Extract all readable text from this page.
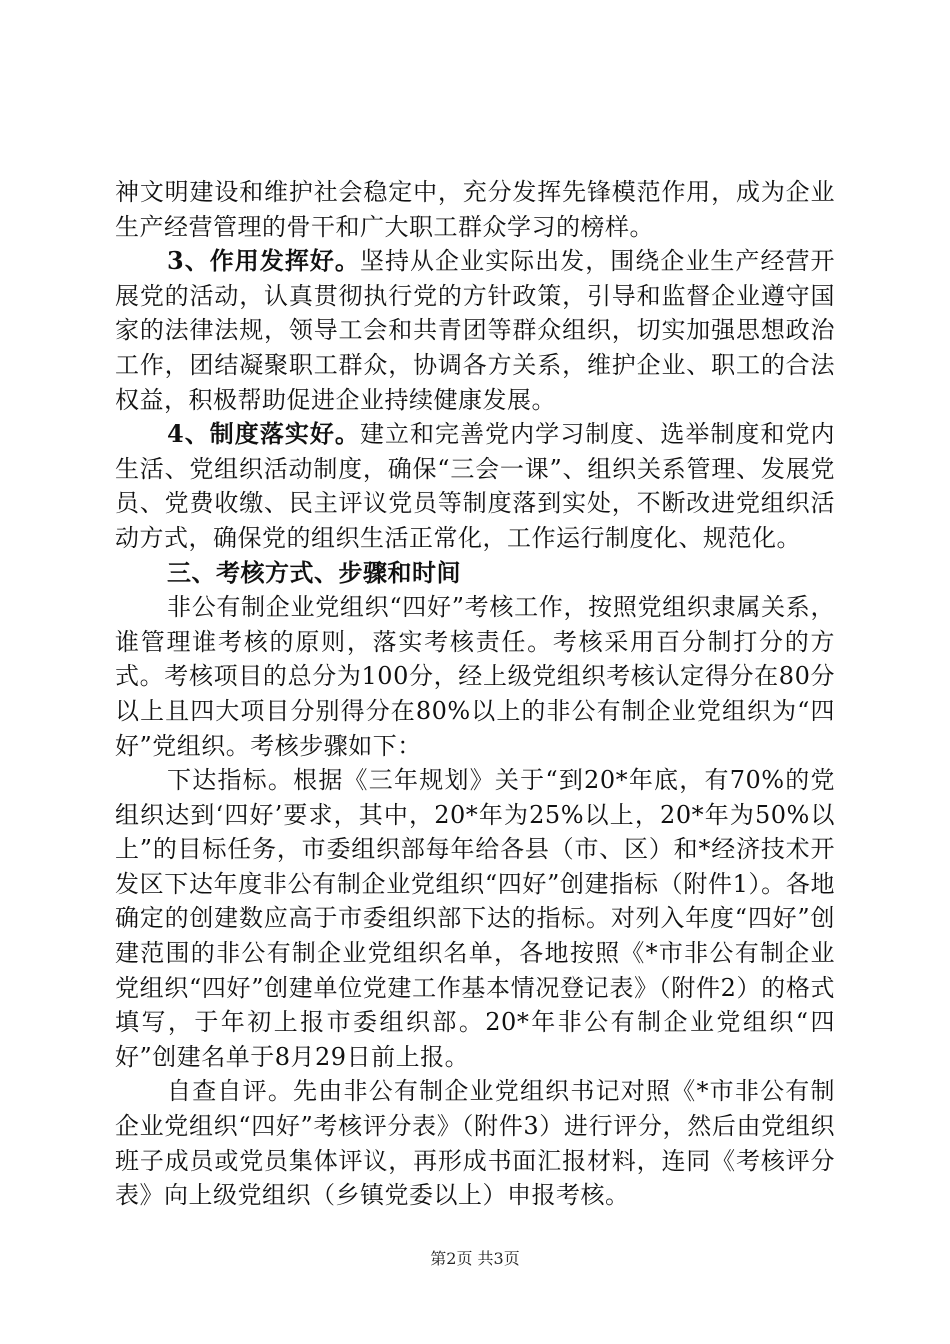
神文明建设和维护社会稳定中，充分发挥先锋模范作用，成为企业生产经营管理的骨干和广大职工群众学习的榜样。

3、作用发挥好。坚持从企业实际出发，围绕企业生产经营开展党的活动，认真贯彻执行党的方针政策，引导和监督企业遵守国家的法律法规，领导工会和共青团等群众组织，切实加强思想政治工作，团结凝聚职工群众，协调各方关系，维护企业、职工的合法权益，积极帮助促进企业持续健康发展。

4、制度落实好。建立和完善党内学习制度、选举制度和党内生活、党组织活动制度，确保“三会一课”、组织关系管理、发展党员、党费收缴、民主评议党员等制度落到实处，不断改进党组织活动方式，确保党的组织生活正常化，工作运行制度化、规范化。

三、考核方式、步骤和时间

非公有制企业党组织“四好”考核工作，按照党组织隶属关系，谁管理谁考核的原则，落实考核责任。考核采用百分制打分的方式。考核项目的总分为100分，经上级党组织考核认定得分在80分以上且四大项目分别得分在80%以上的非公有制企业党组织为“四好”党组织。考核步骤如下：

下达指标。根据《三年规划》关于“到20*年底，有70%的党组织达到‘四好’要求，其中，20*年为25%以上，20*年为50%以上”的目标任务，市委组织部每年给各县（市、区）和*经济技术开发区下达年度非公有制企业党组织“四好”创建指标（附件1）。各地确定的创建数应高于市委组织部下达的指标。对列入年度“四好”创建范围的非公有制企业党组织名单，各地按照《*市非公有制企业党组织“四好”创建单位党建工作基本情况登记表》（附件2）的格式填写，于年初上报市委组织部。20*年非公有制企业党组织“四好”创建名单于8月29日前上报。

自查自评。先由非公有制企业党组织书记对照《*市非公有制企业党组织“四好”考核评分表》（附件3）进行评分，然后由党组织班子成员或党员集体评议，再形成书面汇报材料，连同《考核评分表》向上级党组织（乡镇党委以上）申报考核。

第2页 共3页
